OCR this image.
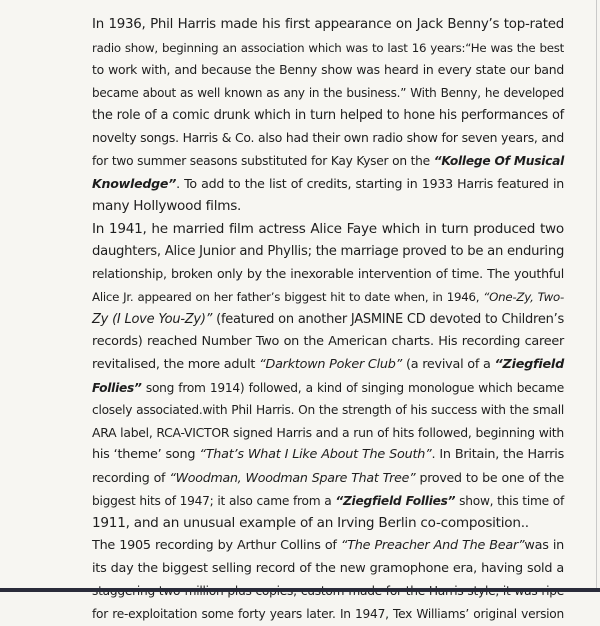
In 1936, Phil Harris made his first appearance on Jack Benny’s top-rated
radio show, beginning an association which was to last 16 years:“He was the best
to work with, and because the Benny show was heard in every state our band
became about as well known as any in the business.” With Benny, he developed
the role of a comic drunk which in turn helped to hone his performances of
novelty songs. Harris & Co. also had their own radio show for seven years, and
for two summer seasons substituted for Kay Kyser on the “Kollege Of Musical
Knowledge”. To add to the list of credits, starting in 1933 Harris featured in
many Hollywood films.

In 1941, he married film actress Alice Faye which in turn produced two
daughters, Alice Junior and Phyllis; the marriage proved to be an enduring
relationship, broken only by the inexorable intervention of time. The youthful
Alice Jr. appeared on her father’s biggest hit to date when, in 1946, “One-Zy, Two-
Zy (I Love You-Zy)” (featured on another JASMINE CD devoted to Children’s
records) reached Number Two on the American charts. His recording career
revitalised, the more adult “Darktown Poker Club” (a revival of a “Ziegfield
Follies” song from 1914) followed, a kind of singing monologue which became
closely associated.with Phil Harris. On the strength of his success with the small
ARA label, RCA-VICTOR signed Harris and a run of hits followed, beginning with
his ‘theme’ song “That’s What I Like About The South”. In Britain, the Harris
recording of “Woodman, Woodman Spare That Tree” proved to be one of the
biggest hits of 1947; it also came from a “Ziegfield Follies” show, this time of
1911, and an unusual example of an Irving Berlin co-composition..

The 1905 recording by Arthur Collins of “The Preacher And The Bear”was in
its day the biggest selling record of the new gramophone era, having sold a
for re-exploitation some forty years later. In 1947, Tex Williams’ original version
